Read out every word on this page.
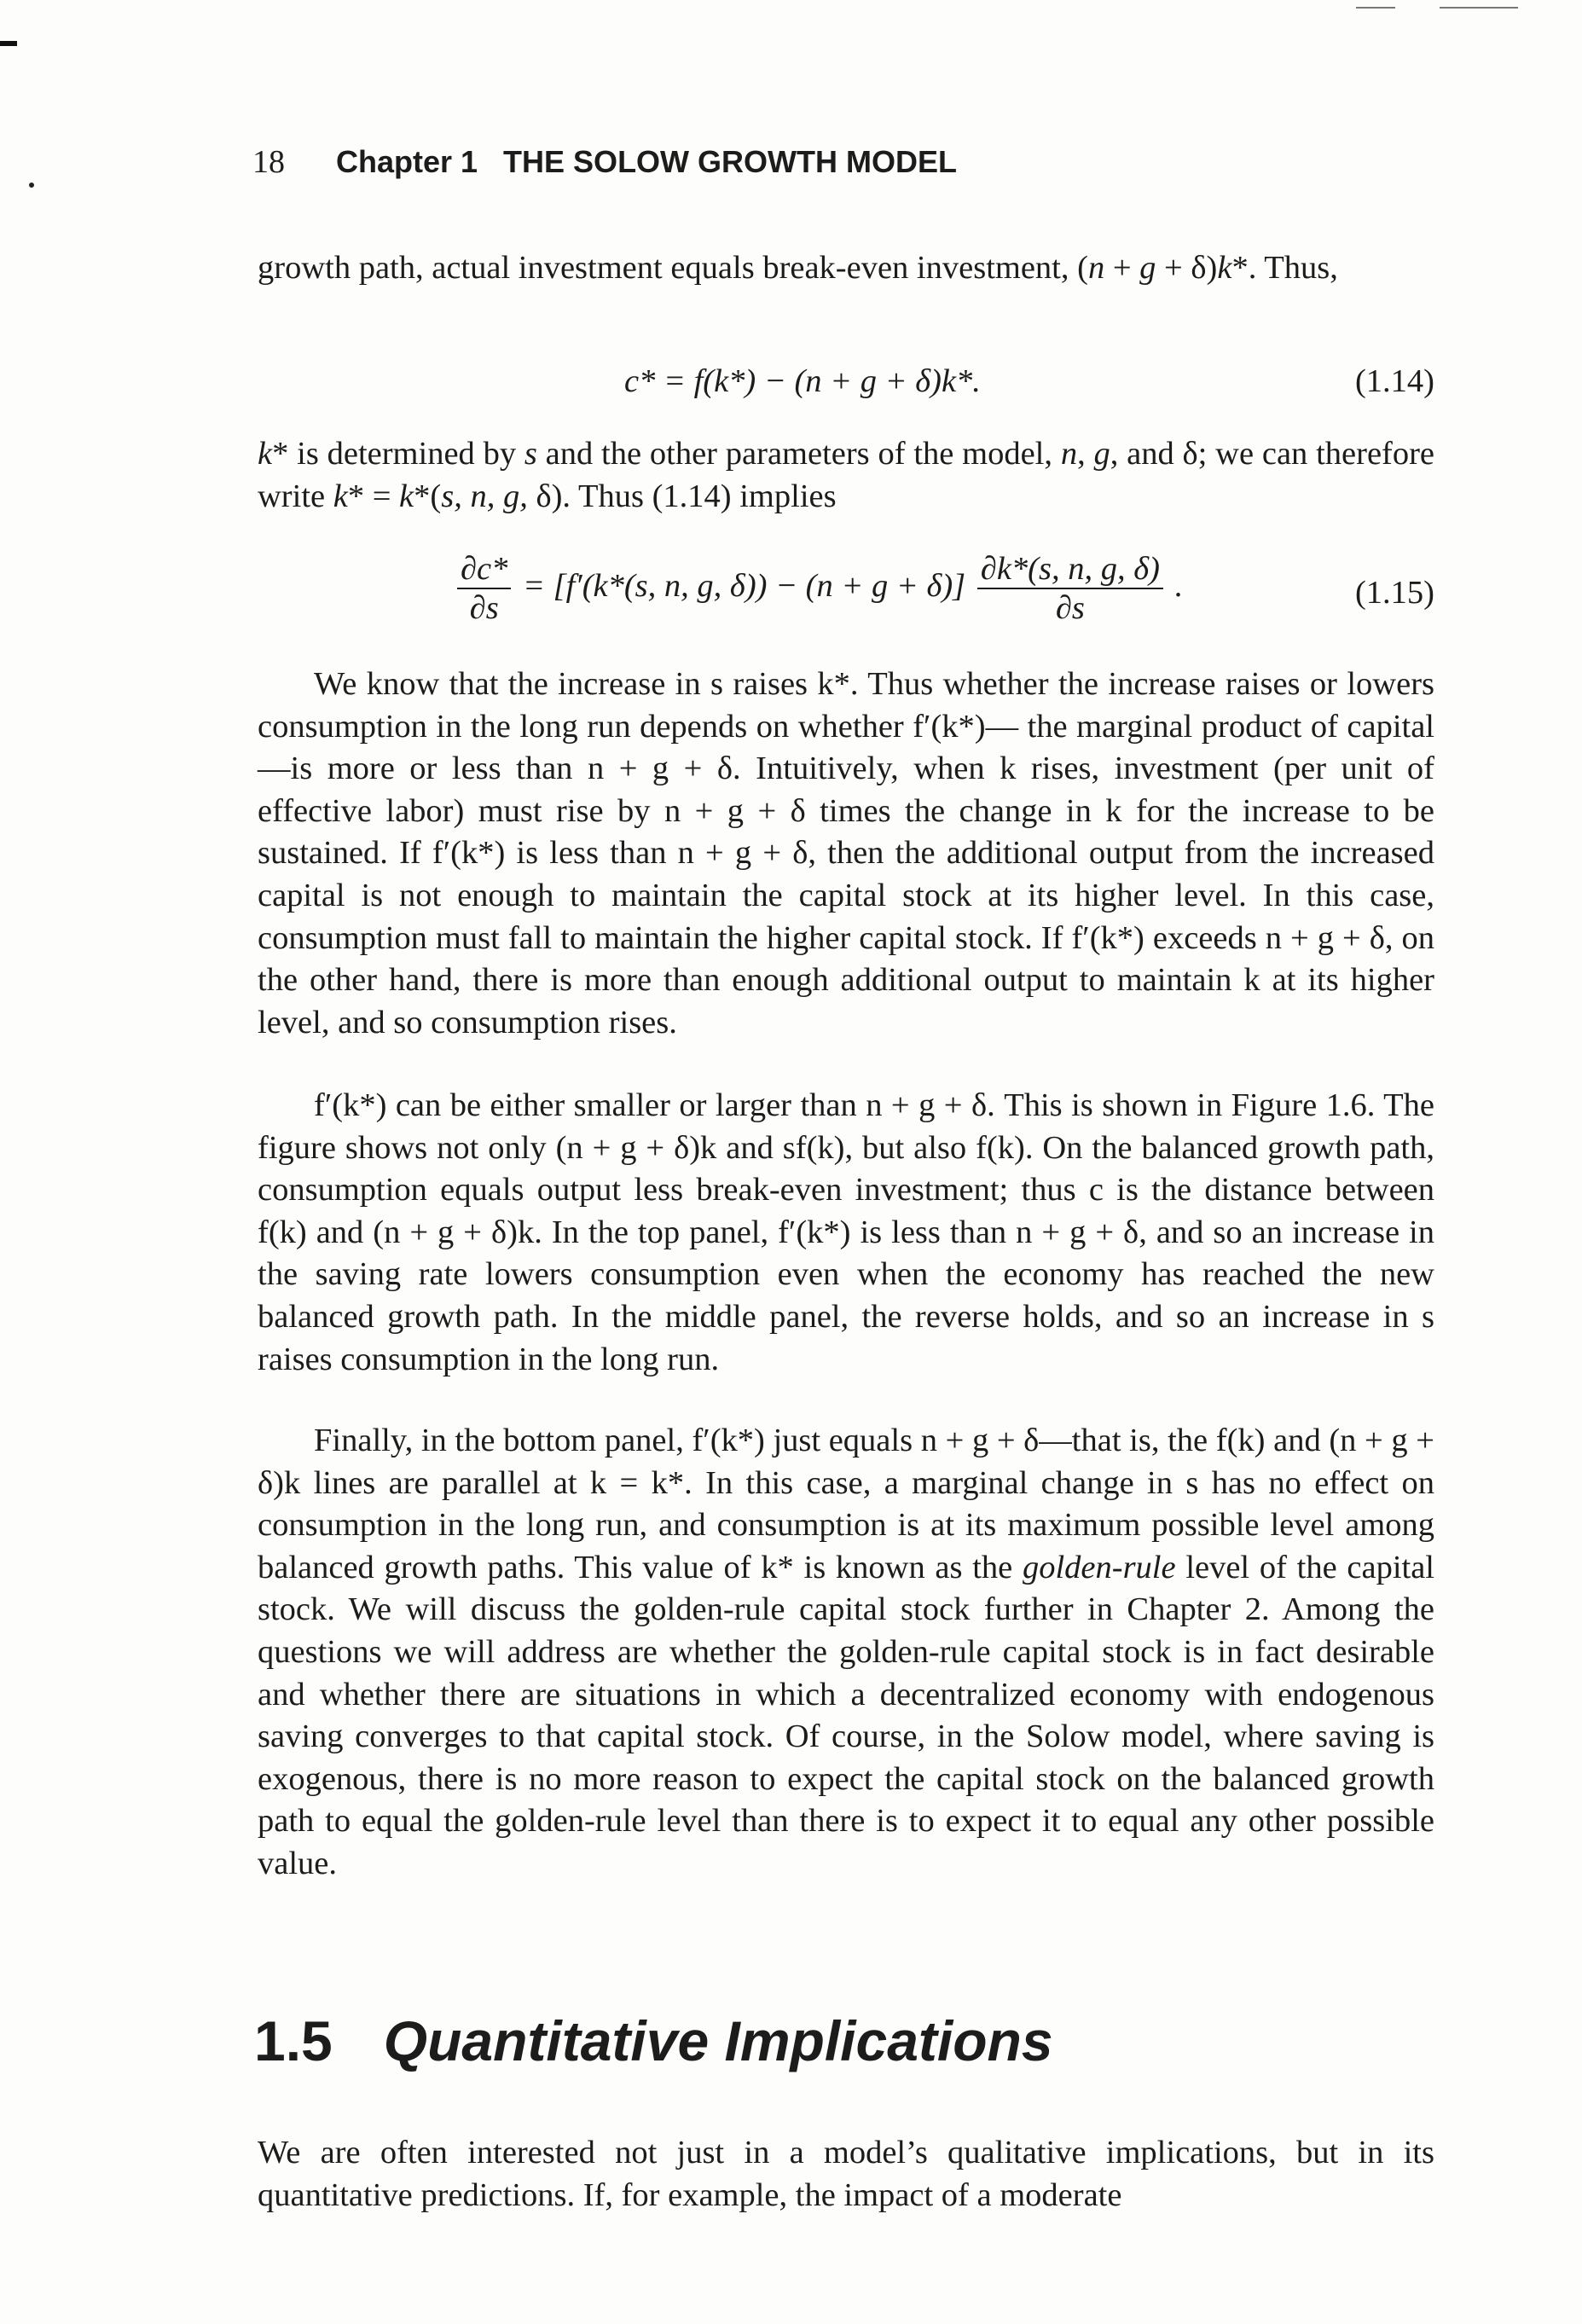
18 Chapter 1 THE SOLOW GROWTH MODEL

growth path, actual investment equals break-even investment, (n + g + δ)k*. Thus,

c* = f(k*) − (n + g + δ)k*.	(1.14)

k* is determined by s and the other parameters of the model, n, g, and δ; we can therefore write k* = k*(s, n, g, δ). Thus (1.14) implies

$\frac{\partial c*}{\partial s} = [f'(k*(s$, n, g, $\delta)) - (n + g + \delta)] \frac{\partial k*(s, n, g, \delta)}{\partial s}$ .	(1.15)

We know that the increase in s raises k*. Thus whether the increase raises or lowers consumption in the long run depends on whether f′(k*)— the marginal product of capital—is more or less than n + g + δ. Intuitively, when k rises, investment (per unit of effective labor) must rise by n + g + δ times the change in k for the increase to be sustained. If f′(k*) is less than n + g + δ, then the additional output from the increased capital is not enough to maintain the capital stock at its higher level. In this case, consumption must fall to maintain the higher capital stock. If f′(k*) exceeds n + g + δ, on the other hand, there is more than enough additional output to maintain k at its higher level, and so consumption rises.

f′(k*) can be either smaller or larger than n + g + δ. This is shown in Figure 1.6. The figure shows not only (n + g + δ)k and sf(k), but also f(k). On the balanced growth path, consumption equals output less break-even investment; thus c is the distance between f(k) and (n + g + δ)k. In the top panel, f′(k*) is less than n + g + δ, and so an increase in the saving rate lowers consumption even when the economy has reached the new balanced growth path. In the middle panel, the reverse holds, and so an increase in s raises consumption in the long run.

Finally, in the bottom panel, f′(k*) just equals n + g + δ—that is, the f(k) and (n + g + δ)k lines are parallel at k = k*. In this case, a marginal change in s has no effect on consumption in the long run, and consumption is at its maximum possible level among balanced growth paths. This value of k* is known as the golden-rule level of the capital stock. We will discuss the golden-rule capital stock further in Chapter 2. Among the questions we will address are whether the golden-rule capital stock is in fact desirable and whether there are situations in which a decentralized economy with endogenous saving converges to that capital stock. Of course, in the Solow model, where saving is exogenous, there is no more reason to expect the capital stock on the balanced growth path to equal the golden-rule level than there is to expect it to equal any other possible value.

1.5 Quantitative Implications

We are often interested not just in a model’s qualitative implications, but in its quantitative predictions. If, for example, the impact of a moderate
